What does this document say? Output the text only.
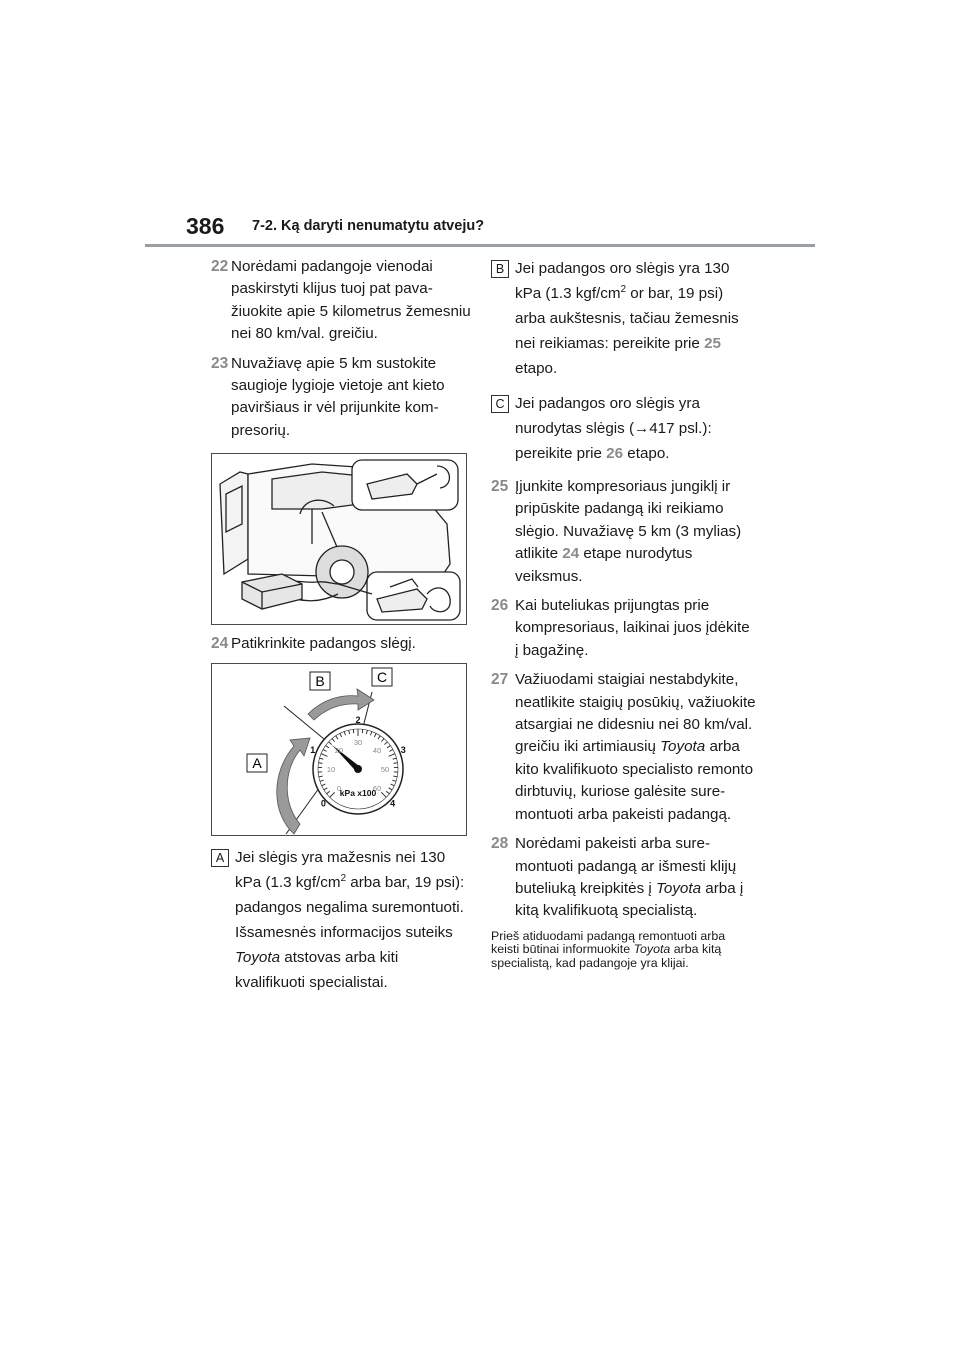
386 7-2. Ką daryti nenumatytu atveju?
22 Norėdami padangoje vienodai paskirstyti klijus tuoj pat pavažiuokite apie 5 kilometrus žemesniu nei 80 km/val. greičiu.
23 Nuvažiavę apie 5 km sustokite saugioje lygioje vietoje ant kieto paviršiaus ir vėl prijunkite kompresorių.
24 Patikrinkite padangos slėgį.
0
1
2
3
4
0
10
20
30
40
50
60
kPa x100
B	C
A
A Jei slėgis yra mažesnis nei 130 kPa (1.3 kgf/$cm^2$ arba bar, 19 psi): padangos negalima suremontuoti. Išsamesnės informacijos suteiks Toyota atstovas arba kiti kvalifikuoti specialistai.

B Jei padangos oro slėgis yra 130 kPa (1.3 kgf/$cm^2$ or bar, 19 psi) arba aukštesnis, tačiau žemesnis nei reikiamas: pereikite prie 25 etapo.

C Jei padangos oro slėgis yra nurodytas slėgis (→417 psl.): pereikite prie 26 etapo.

25 Įjunkite kompresoriaus jungiklį ir pripūskite padangą iki reikiamo slėgio. Nuvažiavę 5 km (3 mylias) atlikite 24 etape nurodytus veiksmus.
26 Kai buteliukas prijungtas prie kompresoriaus, laikinai juos įdėkite į bagažinę.
27 Važiuodami staigiai nestabdykite, neatlikite staigių posūkių, važiuokite atsargiai ne didesniu nei 80 km/val. greičiu iki artimiausių Toyota arba kito kvalifikuoto specialisto remonto dirbtuvių, kuriose galėsite suremontuoti arba pakeisti padangą.
28 Norėdami pakeisti arba suremontuoti padangą ar išmesti klijų buteliuką kreipkitės į Toyota arba į kitą kvalifikuotą specialistą.
Prieš atiduodami padangą remontuoti arba keisti būtinai informuokite Toyota arba kitą specialistą, kad padangoje yra klijai.
